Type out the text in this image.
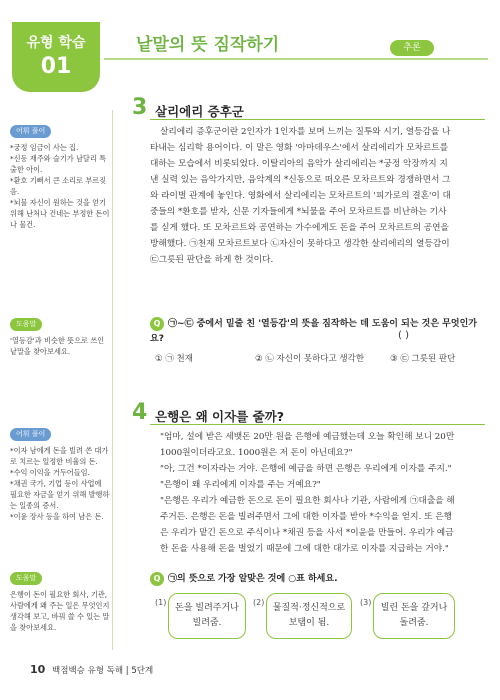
유형 학습
01
낱말의 뜻 짐작하기	추론
어휘 풀이
*궁정 임금이 사는 집.
*신동 재주와 슬기가 남달리 특출한 아이.
*환호 기뻐서 큰 소리로 부르짖음.
*뇌물 자신이 원하는 것을 얻기 위해 난처나 건네는 부정한 돈이나 물건.
도움말
'열등감'과 비슷한 뜻으로 쓰인 낱말을 찾아보세요.
어휘 풀이
*이자 남에게 돈을 빌려 쓴 대가로 치르는 일정한 비율의 돈.
*수익 이익을 거두어들임.
*채권 국가, 기업 등이 사업에 필요한 자금을 얻기 위해 발행하는 일종의 증서.
*이윤 장사 등을 하여 남은 돈.
도움말
은행이 돈이 필요한 회사, 기관, 사람에게 왜 주는 일은 무엇인지 생각해 보고, 바꿔 쓸 수 있는 말을 찾아보세요.
3 살리에리 증후군
살리에리 증후군이란 2인자가 1인자를 보며 느끼는 질투와 시기, 열등감을 나
타내는 심리학 용어이다. 이 말은 영화 '아마데우스'에서 살리에리가 모차르트를
대하는 모습에서 비롯되었다. 이탈리아의 음악가 살리에리는 *궁정 악장까지 지
낸 실력 있는 음악가지만, 음악계의 *신동으로 떠오른 모차르트와 경쟁하면서 그
와 라이벌 관계에 놓인다. 영화에서 살리에리는 모차르트의 '피가로의 결혼'이 대
중들의 *환호를 받자, 신문 기자들에게 *뇌물을 주어 모차르트를 비난하는 기사
를 싣게 했다. 또 모차르트와 공연하는 가수에게도 돈을 주어 모차르트의 공연을
방해했다. ㉠천재 모차르트보다 ㉡자신이 못하다고 생각한 살리에리의 열등감이
㉢그릇된 판단을 하게 한 것이다.
Q ㉠~㉢ 중에서 밑줄 친 '열등감'의 뜻을 짐작하는 데 도움이 되는 것은 무엇인가요?	( )
① ㉠ 천재	② ㉡ 자신이 못하다고 생각한	③ ㉢ 그릇된 판단
4 은행은 왜 이자를 줄까?
"엄마, 설에 받은 세뱃돈 20만 원을 은행에 예금했는데 오늘 확인해 보니 20만
1000원이더라고요. 1000원은 저 돈이 아닌데요?"
"아, 그건 *이자라는 거야. 은행에 예금을 하면 은행은 우리에게 이자를 주지."
"은행이 왜 우리에게 이자를 주는 거예요?"
"은행은 우리가 예금한 돈으로 돈이 필요한 회사나 기관, 사람에게 ㉠대출을 해
주거든. 은행은 돈을 빌려주면서 그에 대한 이자를 받아 *수익을 얻지. 또 은행
은 우리가 맡긴 돈으로 주식이나 *채권 등을 사서 *이윤을 만들어. 우리가 예금
한 돈을 사용해 돈을 벌었기 때문에 그에 대한 대가로 이자를 지급하는 거야."
Q ㉠의 뜻으로 가장 알맞은 것에 ○표 하세요.
(1)
돈을 빌려주거나
빌려줌.
(2)
물질적·정신적으로
보탬이 됨.
(3)
빌린 돈을 갚거나
돌려줌.
10 백점백승 유형 독해 | 5단계
